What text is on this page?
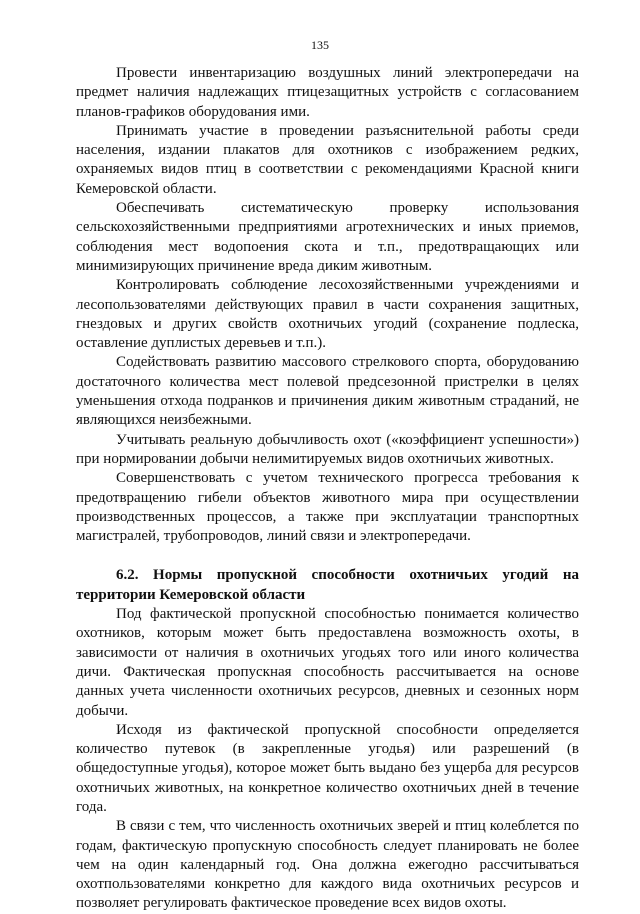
135

Провести инвентаризацию воздушных линий электропередачи на предмет наличия надлежащих птицезащитных устройств с согласованием планов-графиков оборудования ими.

Принимать участие в проведении разъяснительной работы среди населения, издании плакатов для охотников с изображением редких, охраняемых видов птиц в соответствии с рекомендациями Красной книги Кемеровской области.

Обеспечивать систематическую проверку использования сельскохозяйственными предприятиями агротехнических и иных приемов, соблюдения мест водопоения скота и т.п., предотвращающих или минимизирующих причинение вреда диким животным.

Контролировать соблюдение лесохозяйственными учреждениями и лесопользователями действующих правил в части сохранения защитных, гнездовых и других свойств охотничьих угодий (сохранение подлеска, оставление дуплистых деревьев и т.п.).

Содействовать развитию массового стрелкового спорта, оборудованию достаточного количества мест полевой предсезонной пристрелки в целях уменьшения отхода подранков и причинения диким животным страданий, не являющихся неизбежными.

Учитывать реальную добычливость охот («коэффициент успешности») при нормировании добычи нелимитируемых видов охотничьих животных.

Совершенствовать с учетом технического прогресса требования к предотвращению гибели объектов животного мира при осуществлении производственных процессов, а также при эксплуатации транспортных магистралей, трубопроводов, линий связи и электропередачи.

6.2. Нормы пропускной способности охотничьих угодий на территории Кемеровской области

Под фактической пропускной способностью понимается количество охотников, которым может быть предоставлена возможность охоты, в зависимости от наличия в охотничьих угодьях того или иного количества дичи. Фактическая пропускная способность рассчитывается на основе данных учета численности охотничьих ресурсов, дневных и сезонных норм добычи.

Исходя из фактической пропускной способности определяется количество путевок (в закрепленные угодья) или разрешений (в общедоступные угодья), которое может быть выдано без ущерба для ресурсов охотничьих животных, на конкретное количество охотничьих дней в течение года.

В связи с тем, что численность охотничьих зверей и птиц колеблется по годам, фактическую пропускную способность следует планировать не более чем на один календарный год. Она должна ежегодно рассчитываться охотпользователями конкретно для каждого вида охотничьих ресурсов и позволяет регулировать фактическое проведение всех видов охоты.
